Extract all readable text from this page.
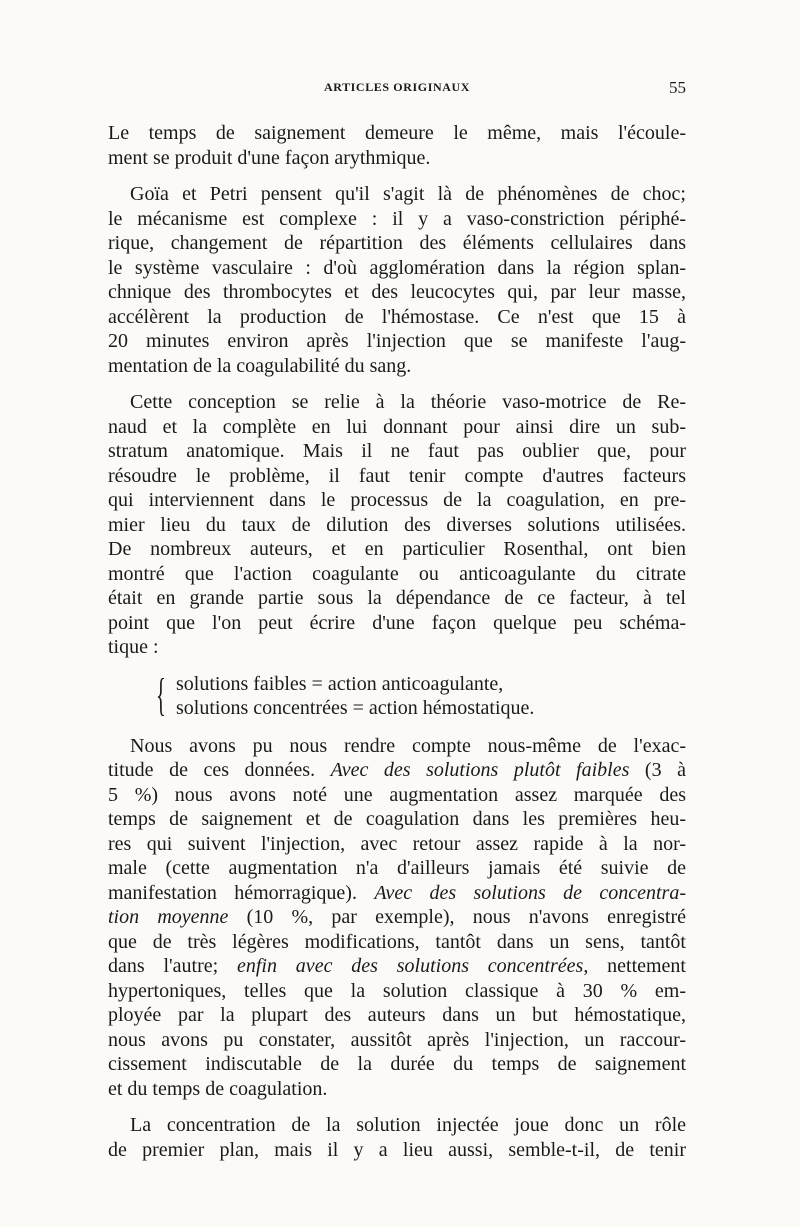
ARTICLES ORIGINAUX	55
Le temps de saignement demeure le même, mais l'écoule-
ment se produit d'une façon arythmique.
Goïa et Petri pensent qu'il s'agit là de phénomènes de choc;
le mécanisme est complexe : il y a vaso-constriction périphé-
rique, changement de répartition des éléments cellulaires dans
le système vasculaire : d'où agglomération dans la région splan-
chnique des thrombocytes et des leucocytes qui, par leur masse,
accélèrent la production de l'hémostase. Ce n'est que 15 à
20 minutes environ après l'injection que se manifeste l'aug-
mentation de la coagulabilité du sang.
Cette conception se relie à la théorie vaso-motrice de Re-
naud et la complète en lui donnant pour ainsi dire un sub-
stratum anatomique. Mais il ne faut pas oublier que, pour
résoudre le problème, il faut tenir compte d'autres facteurs
qui interviennent dans le processus de la coagulation, en pre-
mier lieu du taux de dilution des diverses solutions utilisées.
De nombreux auteurs, et en particulier Rosenthal, ont bien
montré que l'action coagulante ou anticoagulante du citrate
était en grande partie sous la dépendance de ce facteur, à tel
point que l'on peut écrire d'une façon quelque peu schéma-
tique :
{ solutions faibles = action anticoagulante,
solutions concentrées = action hémostatique.
Nous avons pu nous rendre compte nous-même de l'exac-
titude de ces données. Avec des solutions plutôt faibles (3 à
5 %) nous avons noté une augmentation assez marquée des
temps de saignement et de coagulation dans les premières heu-
res qui suivent l'injection, avec retour assez rapide à la nor-
male (cette augmentation n'a d'ailleurs jamais été suivie de
manifestation hémorragique). Avec des solutions de concentra-
tion moyenne (10 %, par exemple), nous n'avons enregistré
que de très légères modifications, tantôt dans un sens, tantôt
dans l'autre; enfin avec des solutions concentrées, nettement
hypertoniques, telles que la solution classique à 30 % em-
ployée par la plupart des auteurs dans un but hémostatique,
nous avons pu constater, aussitôt après l'injection, un raccour-
cissement indiscutable de la durée du temps de saignement
et du temps de coagulation.
La concentration de la solution injectée joue donc un rôle
de premier plan, mais il y a lieu aussi, semble-t-il, de tenir
